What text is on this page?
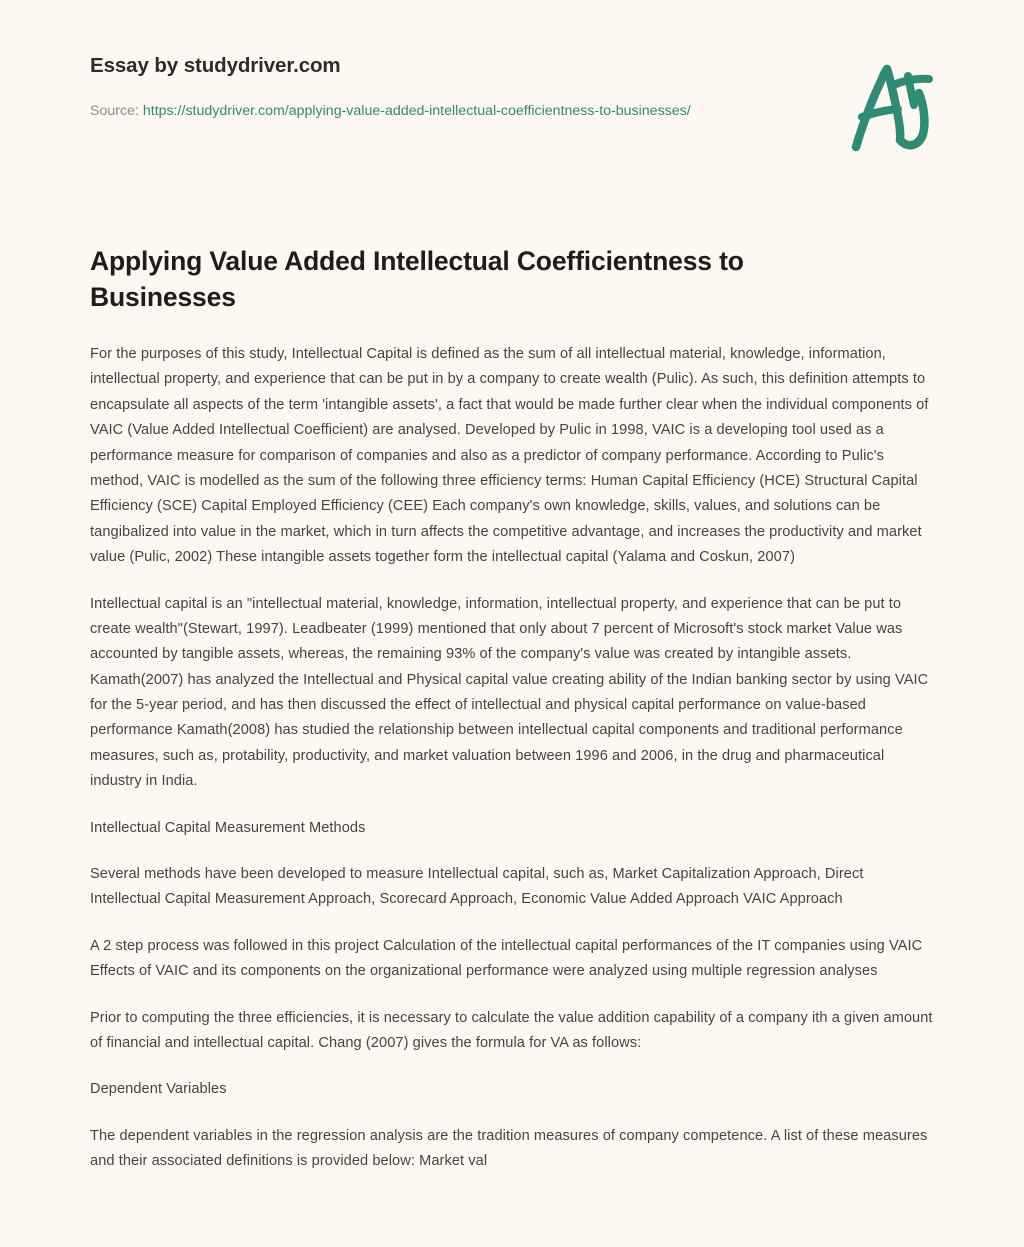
Essay by studydriver.com

Source: https://studydriver.com/applying-value-added-intellectual-coefficientness-to-businesses/

Applying Value Added Intellectual Coefficientness to Businesses

For the purposes of this study, Intellectual Capital is defined as the sum of all intellectual material, knowledge, information, intellectual property, and experience that can be put in by a company to create wealth (Pulic). As such, this definition attempts to encapsulate all aspects of the term 'intangible assets', a fact that would be made further clear when the individual components of VAIC (Value Added Intellectual Coefficient) are analysed. Developed by Pulic in 1998, VAIC is a developing tool used as a performance measure for comparison of companies and also as a predictor of company performance. According to Pulic's method, VAIC is modelled as the sum of the following three efficiency terms: Human Capital Efficiency (HCE) Structural Capital Efficiency (SCE) Capital Employed Efficiency (CEE) Each company's own knowledge, skills, values, and solutions can be tangibalized into value in the market, which in turn affects the competitive advantage, and increases the productivity and market value (Pulic, 2002) These intangible assets together form the intellectual capital (Yalama and Coskun, 2007)

Intellectual capital is an "intellectual material, knowledge, information, intellectual property, and experience that can be put to create wealth"(Stewart, 1997). Leadbeater (1999) mentioned that only about 7 percent of Microsoft's stock market Value was accounted by tangible assets, whereas, the remaining 93% of the company's value was created by intangible assets. Kamath(2007) has analyzed the Intellectual and Physical capital value creating ability of the Indian banking sector by using VAIC for the 5-year period, and has then discussed the effect of intellectual and physical capital performance on value-based performance Kamath(2008) has studied the relationship between intellectual capital components and traditional performance measures, such as, protability, productivity, and market valuation between 1996 and 2006, in the drug and pharmaceutical industry in India.

Intellectual Capital Measurement Methods

Several methods have been developed to measure Intellectual capital, such as, Market Capitalization Approach, Direct Intellectual Capital Measurement Approach, Scorecard Approach, Economic Value Added Approach VAIC Approach

A 2 step process was followed in this project Calculation of the intellectual capital performances of the IT companies using VAIC Effects of VAIC and its components on the organizational performance were analyzed using multiple regression analyses

Prior to computing the three efficiencies, it is necessary to calculate the value addition capability of a company ith a given amount of financial and intellectual capital. Chang (2007) gives the formula for VA as follows:

Dependent Variables

The dependent variables in the regression analysis are the tradition measures of company competence. A list of these measures and their associated definitions is provided below: Market val
